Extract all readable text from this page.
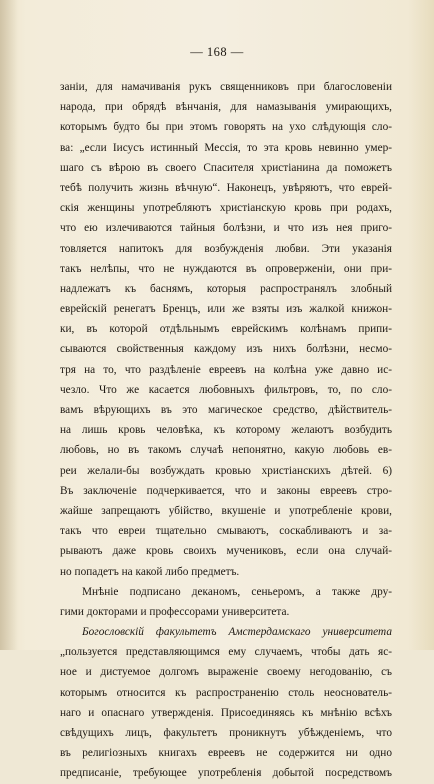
— 168 —
заніи, для намачиванія рукъ священниковъ при благословеніи
народа, при обрядѣ вѣнчанія, для намазыванія умирающихъ,
которымъ будто бы при этомъ говорять на ухо слѣдующія сло-
ва: „если Іисусъ истинный Мессія, то эта кровь невинно умер-
шаго съ вѣрою въ своего Спасителя христіанина да поможетъ
тебѣ получить жизнь вѣчную“. Наконецъ, увѣряютъ, что еврей-
скія женщины употребляютъ христіанскую кровь при родахъ,
что ею излечиваются тайныя болѣзни, и что изъ нея приго-
товляется напитокъ для возбужденія любви. Эти указанія
такъ нелѣпы, что не нуждаются въ опроверженіи, они при-
надлежатъ къ баснямъ, которыя распространялъ злобный
еврейскій ренегатъ Бренцъ, или же взяты изъ жалкой книжон-
ки, въ которой отдѣльнымъ еврейскимъ колѣнамъ припи-
сываются свойственныя каждому изъ нихъ болѣзни, несмо-
тря на то, что раздѣленіе евреевъ на колѣна уже давно ис-
чезло. Что же касается любовныхъ фильтровъ, то, по сло-
вамъ вѣрующихъ въ это магическое средство, дѣйствитель-
на лишь кровь человѣка, къ которому желаютъ возбудить
любовь, но въ такомъ случаѣ непонятно, какую любовь ев-
реи желали-бы возбуждать кровью христіанскихъ дѣтей. 6)
Въ заключеніе подчеркивается, что и законы евреевъ стро-
жайше запрещаютъ убійство, вкушеніе и употребленіе крови,
такъ что евреи тщательно смываютъ, соскабливаютъ и за-
рываютъ даже кровь своихъ мучениковъ, если она случай-
но попадетъ на какой либо предметъ.
Мнѣніе подписано деканомъ, сеньеромъ, а также дру-
гими докторами и профессорами университета.
Богословскій факультетъ Амстердамскаго университета
„пользуется представляющимся ему случаемъ, чтобы дать яс-
ное и дистуемое долгомъ выраженіе своему негодованію, съ
которымъ относится къ распространенію столь неоснователь-
наго и опаснаго утвержденія. Присоединяясь къ мнѣнію всѣхъ
свѣдущихъ лицъ, факультетъ проникнутъ убѣжденіемъ, что
въ религіозныхъ книгахъ евреевъ не содержится ни одно
предписаніе, требующее употребленія добытой посредствомъ
